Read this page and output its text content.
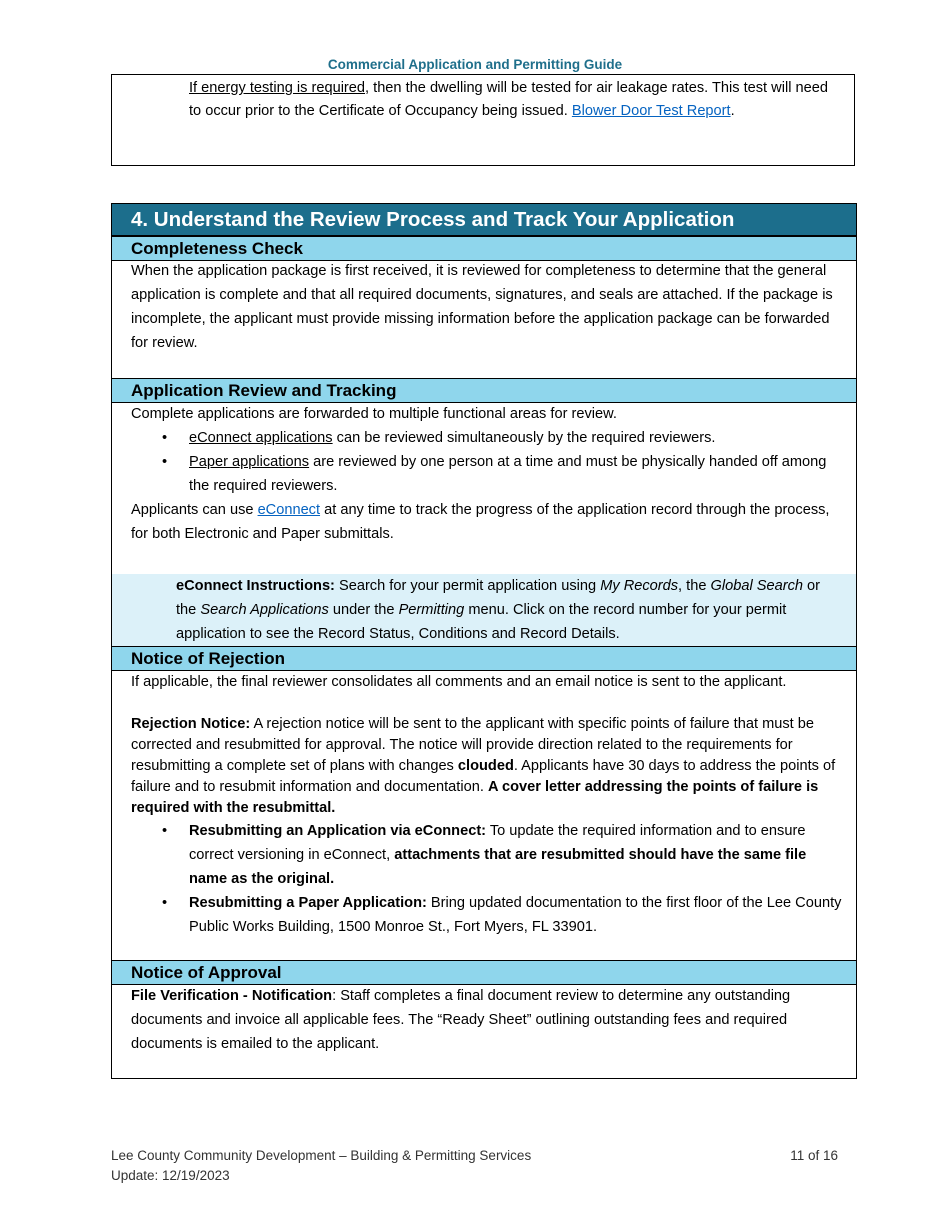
Commercial Application and Permitting Guide

If energy testing is required, then the dwelling will be tested for air leakage rates. This test will need to occur prior to the Certificate of Occupancy being issued. Blower Door Test Report.

4. Understand the Review Process and Track Your Application
Completeness Check

When the application package is first received, it is reviewed for completeness to determine that the general application is complete and that all required documents, signatures, and seals are attached. If the package is incomplete, the applicant must provide missing information before the application package can be forwarded for review.

Application Review and Tracking

Complete applications are forwarded to multiple functional areas for review.

• eConnect applications can be reviewed simultaneously by the required reviewers.
• Paper applications are reviewed by one person at a time and must be physically handed off among the required reviewers.

Applicants can use eConnect at any time to track the progress of the application record through the process, for both Electronic and Paper submittals.

eConnect Instructions: Search for your permit application using My Records, the Global Search or the Search Applications under the Permitting menu. Click on the record number for your permit application to see the Record Status, Conditions and Record Details.

Notice of Rejection

If applicable, the final reviewer consolidates all comments and an email notice is sent to the applicant.

Rejection Notice: A rejection notice will be sent to the applicant with specific points of failure that must be corrected and resubmitted for approval. The notice will provide direction related to the requirements for resubmitting a complete set of plans with changes clouded. Applicants have 30 days to address the points of failure and to resubmit information and documentation. A cover letter addressing the points of failure is required with the resubmittal.

• Resubmitting an Application via eConnect: To update the required information and to ensure correct versioning in eConnect, attachments that are resubmitted should have the same file name as the original.
• Resubmitting a Paper Application: Bring updated documentation to the first floor of the Lee County Public Works Building, 1500 Monroe St., Fort Myers, FL 33901.
Notice of Approval

File Verification - Notification: Staff completes a final document review to determine any outstanding documents and invoice all applicable fees. The “Ready Sheet” outlining outstanding fees and required documents is emailed to the applicant.

Lee County Community Development – Building & Permitting Services
Update: 12/19/2023
11 of 16
